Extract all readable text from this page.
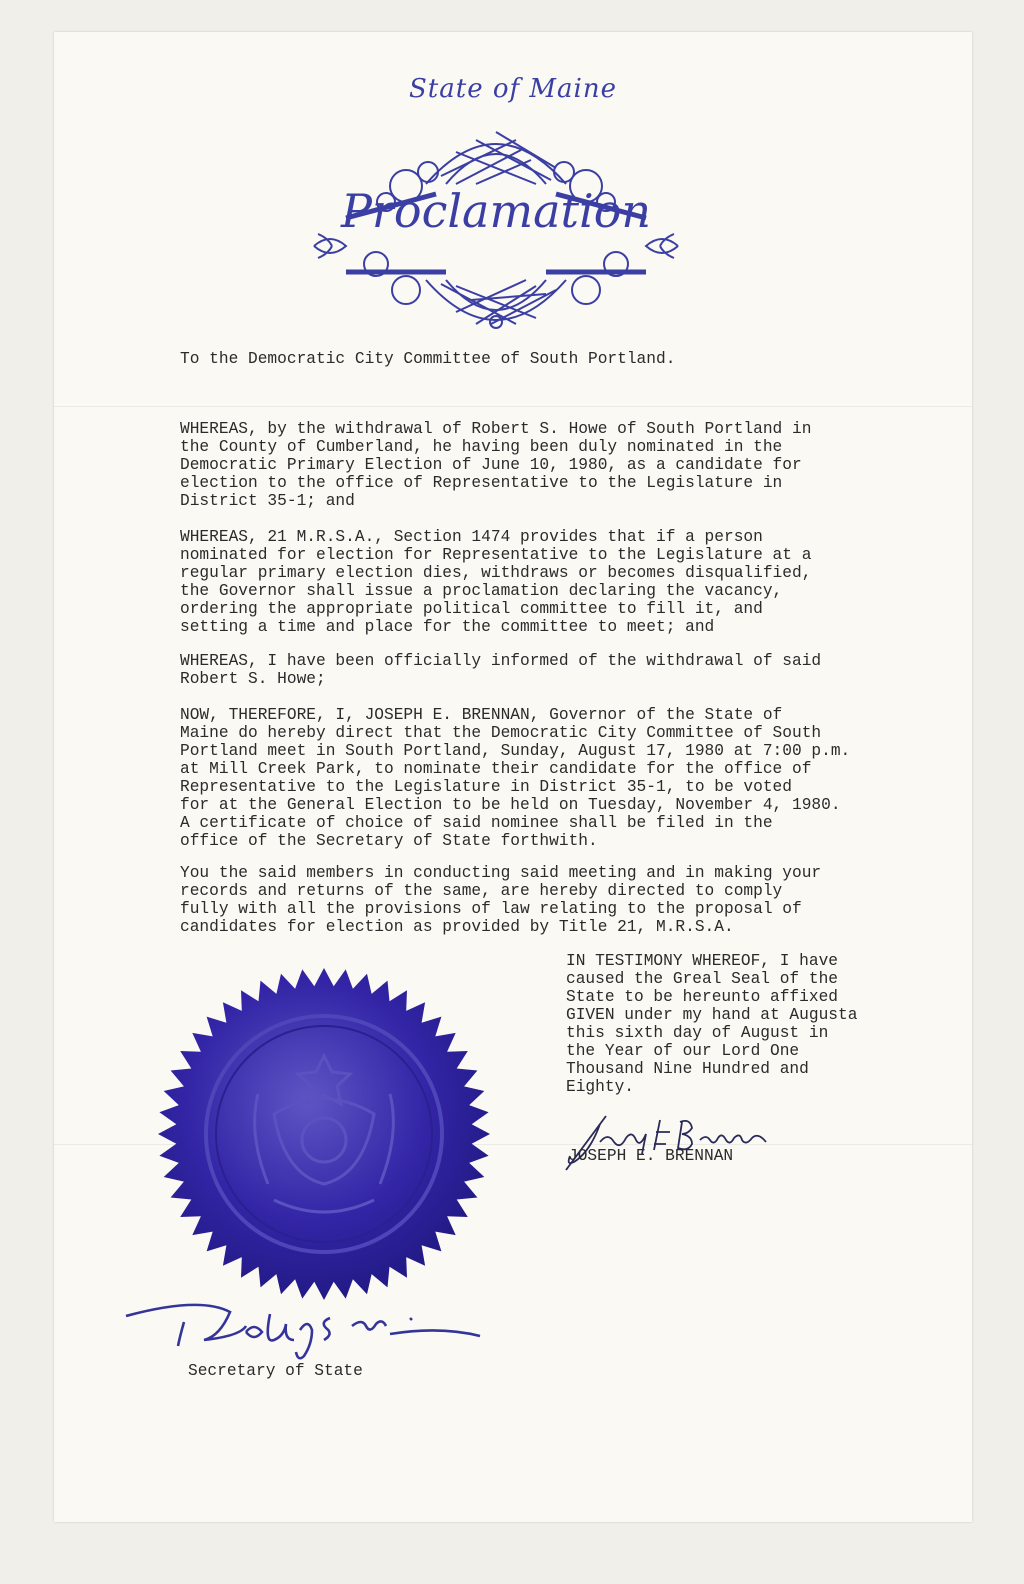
State of Maine
Proclamation

To the Democratic City Committee of South Portland.

WHEREAS, by the withdrawal of Robert S. Howe of South Portland in
the County of Cumberland, he having been duly nominated in the
Democratic Primary Election of June 10, 1980, as a candidate for
election to the office of Representative to the Legislature in
District 35-1; and

WHEREAS, 21 M.R.S.A., Section 1474 provides that if a person
nominated for election for Representative to the Legislature at a
regular primary election dies, withdraws or becomes disqualified,
the Governor shall issue a proclamation declaring the vacancy,
ordering the appropriate political committee to fill it, and
setting a time and place for the committee to meet; and

WHEREAS, I have been officially informed of the withdrawal of said
Robert S. Howe;

NOW, THEREFORE, I, JOSEPH E. BRENNAN, Governor of the State of
Maine do hereby direct that the Democratic City Committee of South
Portland meet in South Portland, Sunday, August 17, 1980 at 7:00 p.m.
at Mill Creek Park, to nominate their candidate for the office of
Representative to the Legislature in District 35-1, to be voted
for at the General Election to be held on Tuesday, November 4, 1980.
A certificate of choice of said nominee shall be filed in the
office of the Secretary of State forthwith.

You the said members in conducting said meeting and in making your
records and returns of the same, are hereby directed to comply
fully with all the provisions of law relating to the proposal of
candidates for election as provided by Title 21, M.R.S.A.

IN TESTIMONY WHEREOF, I have
caused the Greal Seal of the
State to be hereunto affixed
GIVEN under my hand at Augusta
this sixth day of August in
the Year of our Lord One
Thousand Nine Hundred and
Eighty.

JOSEPH E. BRENNAN

Secretary of State
